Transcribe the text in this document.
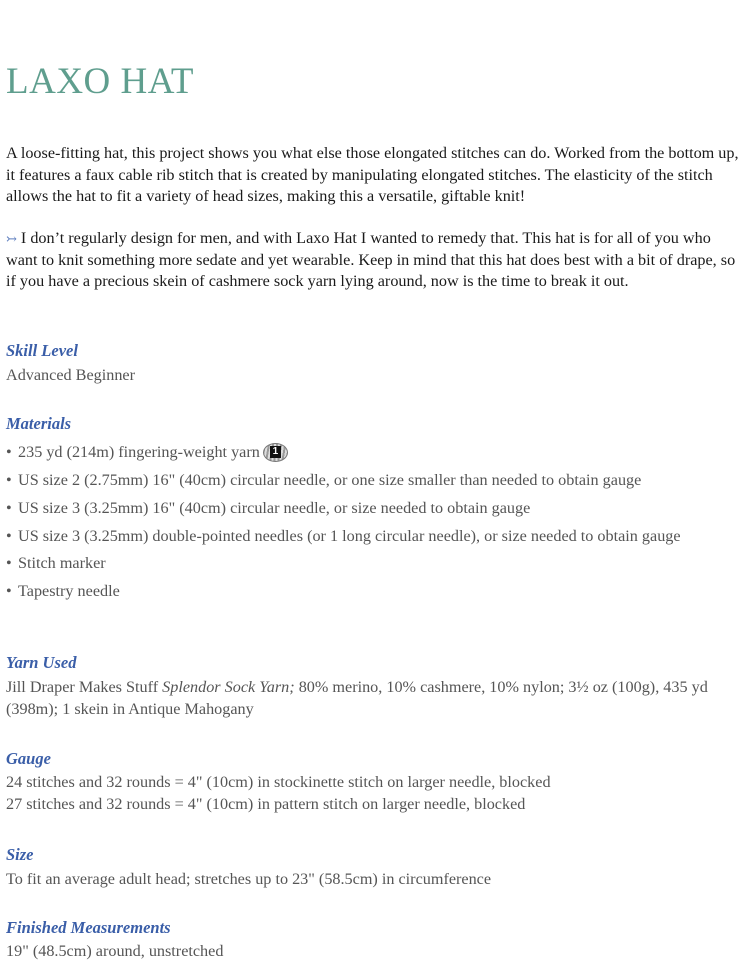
LAXO HAT

A loose-fitting hat, this project shows you what else those elongated stitches can do. Worked from the bottom up, it features a faux cable rib stitch that is created by manipulating elongated stitches. The elasticity of the stitch allows the hat to fit a variety of head sizes, making this a versatile, giftable knit!

↣ I don’t regularly design for men, and with Laxo Hat I wanted to remedy that. This hat is for all of you who want to knit something more sedate and yet wearable. Keep in mind that this hat does best with a bit of drape, so if you have a precious skein of cashmere sock yarn lying around, now is the time to break it out.

Skill Level

Advanced Beginner

Materials
• 235 yd (214m) fingering-weight yarn 1
• US size 2 (2.75mm) 16" (40cm) circular needle, or one size smaller than needed to obtain gauge
• US size 3 (3.25mm) 16" (40cm) circular needle, or size needed to obtain gauge
• US size 3 (3.25mm) double-pointed needles (or 1 long circular needle), or size needed to obtain gauge
• Stitch marker
• Tapestry needle
Yarn Used

Jill Draper Makes Stuff Splendor Sock Yarn; 80% merino, 10% cashmere, 10% nylon; 3½ oz (100g), 435 yd (398m); 1 skein in Antique Mahogany

Gauge

24 stitches and 32 rounds = 4" (10cm) in stockinette stitch on larger needle, blocked

27 stitches and 32 rounds = 4" (10cm) in pattern stitch on larger needle, blocked

Size

To fit an average adult head; stretches up to 23" (58.5cm) in circumference

Finished Measurements

19" (48.5cm) around, unstretched
